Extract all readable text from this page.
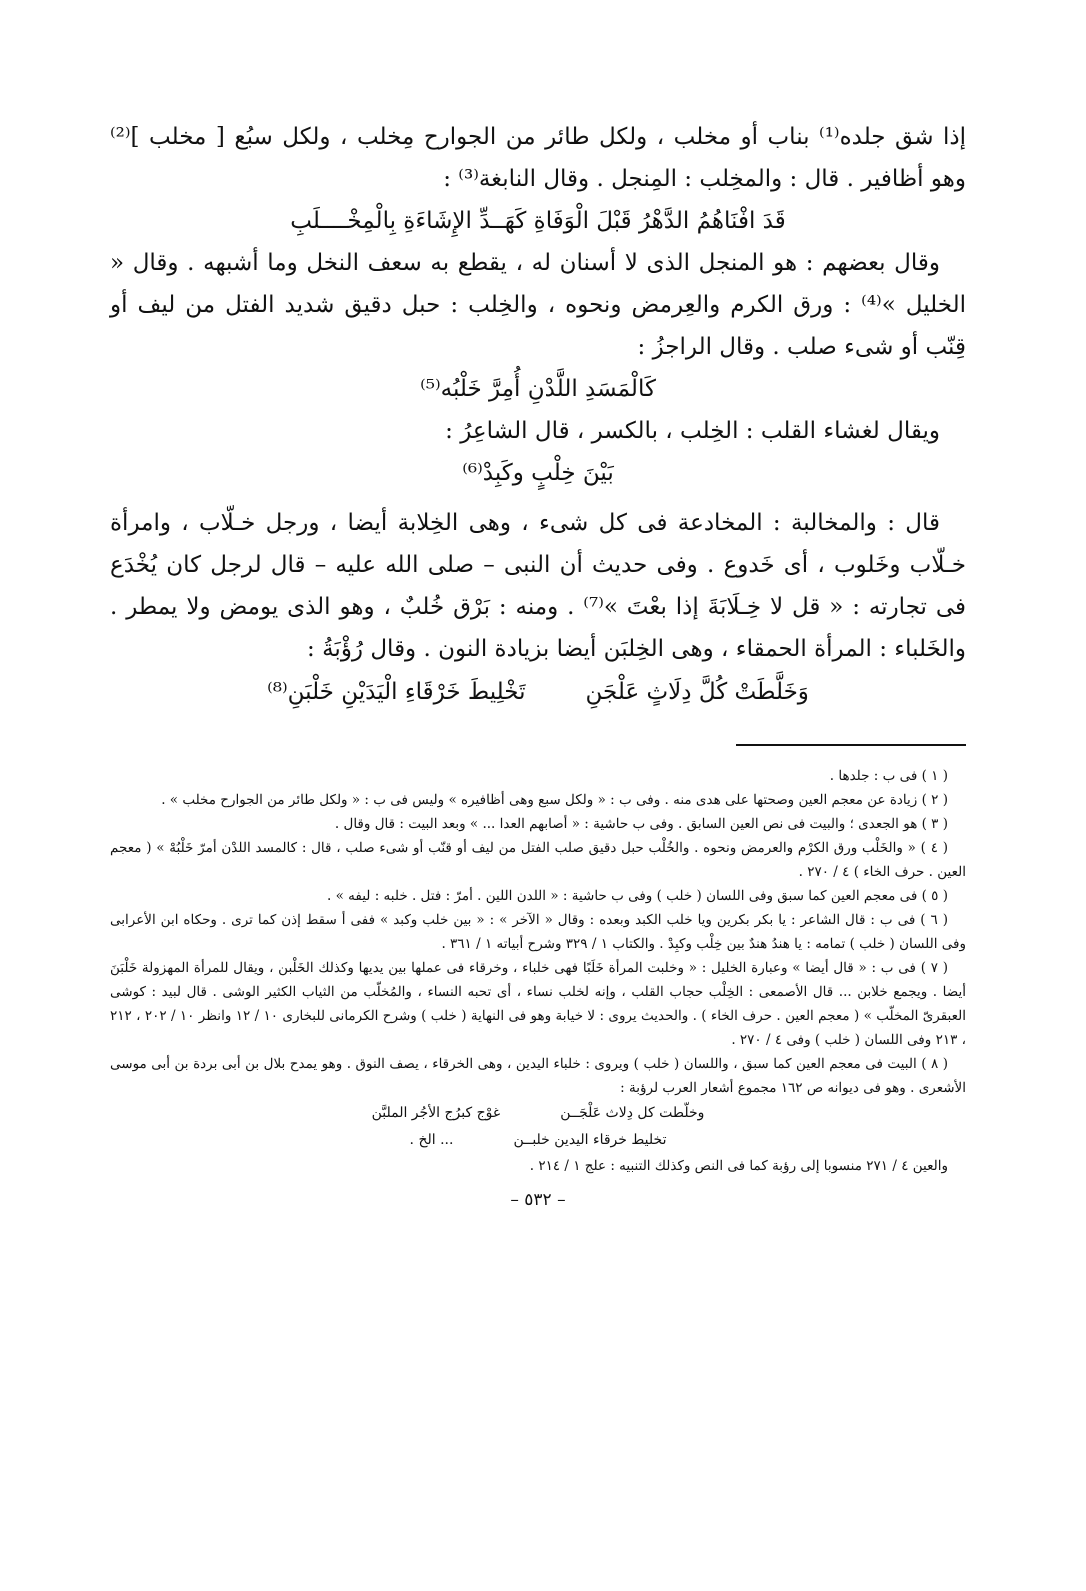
إذا شق جلده⁽¹⁾ بناب أو مخلب ، ولكل طائر من الجوارح مِخلب ، ولكل سبُع [ مخلب ]⁽²⁾ وهو أظافير . قال : والمخِلب : المِنجل . وقال النابغة⁽³⁾ :

قَدَ افْنَاهُمُ الدَّهْرُ قَبْلَ الْوَفَاةِ كَهَــدِّ الإِشَاءَةِ بِالْمِخْــــلَبِ

وقال بعضهم : هو المنجل الذى لا أسنان له ، يقطع به سعف النخل وما أشبهه . وقال « الخليل »⁽⁴⁾ : ورق الكرم والعِرمض ونحوه ، والخِلب : حبل دقيق شديد الفتل من ليف أو قِنّب أو شىء صلب . وقال الراجزُ :

كَالْمَسَدِ اللَّدْنِ أُمِرَّ خَلْبُه⁽⁵⁾

ويقال لغشاء القلب : الخِلب ، بالكسر ، قال الشاعِرُ :

بَيْنَ خِلْبٍ وكَبِدْ⁽⁶⁾

قال : والمخالبة : المخادعة فى كل شىء ، وهى الخِلابة أيضا ، ورجل خـلّاب ، وامرأة خـلّاب وخَلوب ، أى خَدوع . وفى حديث أن النبى – صلى الله عليه – قال لرجل كان يُخْدَع فى تجارته : « قل لا خِـلَابَةَ إذا بعْتَ »⁽⁷⁾ . ومنه : بَرْق خُلبٌ ، وهو الذى يومض ولا يمطر . والخَلباء : المرأة الحمقاء ، وهى الخِلبَن أيضا بزيادة النون . وقال رُؤْبَةُ :

وَخَلَّطَتْ كُلَّ دِلَاثٍ عَلْجَنِ
تَخْلِيطَ خَرْقَاءِ الْيَدَيْنِ خَلْبَنِ⁽⁸⁾

( ١ ) فى ب : جلدها .

( ٢ ) زيادة عن معجم العين وصحتها على هدى منه . وفى ب : « ولكل سبع وهى أظافيره » وليس فى ب : « ولكل طائر من الجوارح مخلب » .

( ٣ ) هو الجعدى ؛ والبيت فى نص العين السابق . وفى ب حاشية : « أصابهم العدا ... » وبعد البيت : قال وقال .

( ٤ ) « والخَلْب ورق الكرْم والعرمض ونحوه . والخُلْب حبل دقيق صلب الفتل من ليف أو قنّب أو شىء صلب ، قال : كالمسد اللدْن أمرّ خَلْبُهْ » ( معجم العين . حرف الخاء ) ٤ / ٢٧٠ .

( ٥ ) فى معجم العين كما سبق وفى اللسان ( خلب ) وفى ب حاشية : « اللدن اللين . أمرّ : فتل . خلبه : ليفه » .

( ٦ ) فى ب : قال الشاعر : يا بكر بكرين ويا خلب الكبد وبعده : وقال « الآخر » : « بين خلب وكبد » ففى أ سقط إذن كما ترى . وحكاه ابن الأعرابى وفى اللسان ( خلب ) تمامه : يا هندُ هندٌ بين خِلْب وكبِدْ . والكتاب ١ / ٣٢٩ وشرح أبياته ١ / ٣٦١ .

( ٧ ) فى ب : « قال أيضا » وعبارة الخليل : « وخلبت المرأة خَلَبًا فهى خلباء ، وخرقاء فى عملها بين يديها وكذلك الخَلْبن ، ويقال للمرأة المهزولة خَلْبَنَ أيضا . ويجمع خلابن ... قال الأصمعى : الخِلْب حجاب القلب ، وإنه لخلب نساء ، أى تحبه النساء ، والمُخلّب من الثياب الكثير الوشى . قال لبيد : كوشى العبقرىّ المخلّب » ( معجم العين . حرف الخاء ) . والحديث يروى : لا خيابة وهو فى النهاية ( خلب ) وشرح الكرمانى للبخارى ١٠ / ١٢ وانظر ١٠ / ٢٠٢ ، ٢١٢ ، ٢١٣ وفى اللسان ( خلب ) وفى ٤ / ٢٧٠ .

( ٨ ) البيت فى معجم العين كما سبق ، واللسان ( خلب ) ويروى : خلباء اليدين ، وهى الخرقاء ، يصف النوق . وهو يمدح بلال بن أبى بردة بن أبى موسى الأشعرى . وهو فى ديوانه ص ١٦٢ مجموع أشعار العرب لرؤبة :

وخلّطت كل دِلاث عَلْجَــن
غوْج كبرُج الأجُر الملبَّن
تخليط خرقاء اليدين خلبــن
... الخ .

والعين ٤ / ٢٧١ منسوبا إلى رؤبة كما فى النص وكذلك التنبيه : علج ١ / ٢١٤ .

– ٥٣٢ –
